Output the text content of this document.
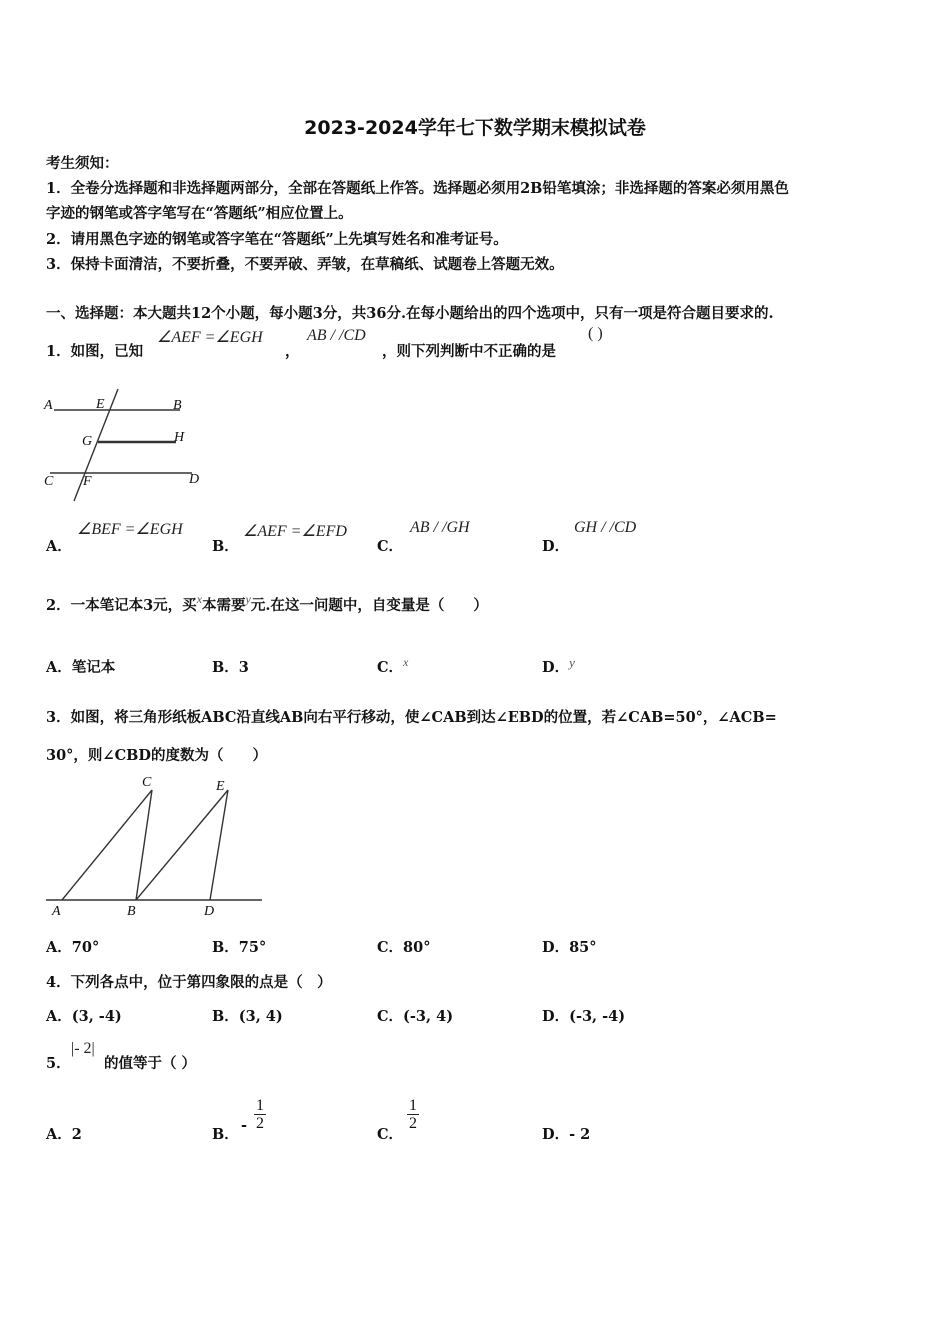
2023-2024学年七下数学期末模拟试卷
考生须知：
1．全卷分选择题和非选择题两部分，全部在答题纸上作答。选择题必须用2B铅笔填涂；非选择题的答案必须用黑色
字迹的钢笔或答字笔写在“答题纸”相应位置上。
2．请用黑色字迹的钢笔或答字笔在“答题纸”上先填写姓名和准考证号。
3．保持卡面清洁，不要折叠，不要弄破、弄皱，在草稿纸、试题卷上答题无效。
一、选择题：本大题共12个小题，每小题3分，共36分.在每小题给出的四个选项中，只有一项是符合题目要求的.
1．如图，已知
∠AEF =∠EGH
，
AB / /CD
，则下列判断中不正确的是
( )
A	E	B
G	H
C F	D
A．
∠BEF =∠EGH
B．
∠AEF =∠EFD
C．
AB / /GH
D．
GH / /CD
2．一本笔记本3元，买$^x$本需要$^y$元.在这一问题中，自变量是（　　）
A．笔记本	B．3	C．$^x$	D．y
3．如图，将三角形纸板ABC沿直线AB向右平行移动，使∠CAB到达∠EBD的位置，若∠CAB=50°，∠ACB=
30°，则∠CBD的度数为（　　）
C	E
A	B	D
A．70°	B．75°	C．80°	D．85°
4．下列各点中，位于第四象限的点是（　）
A．(3, -4)	B．(3, 4)	C．(-3, 4)	D．(-3, -4)
5．
|- 2|
的值等于（ ）
A．2	B．
- $\frac{1}{2}$
C．
$\frac{1}{2}$
D．- 2
